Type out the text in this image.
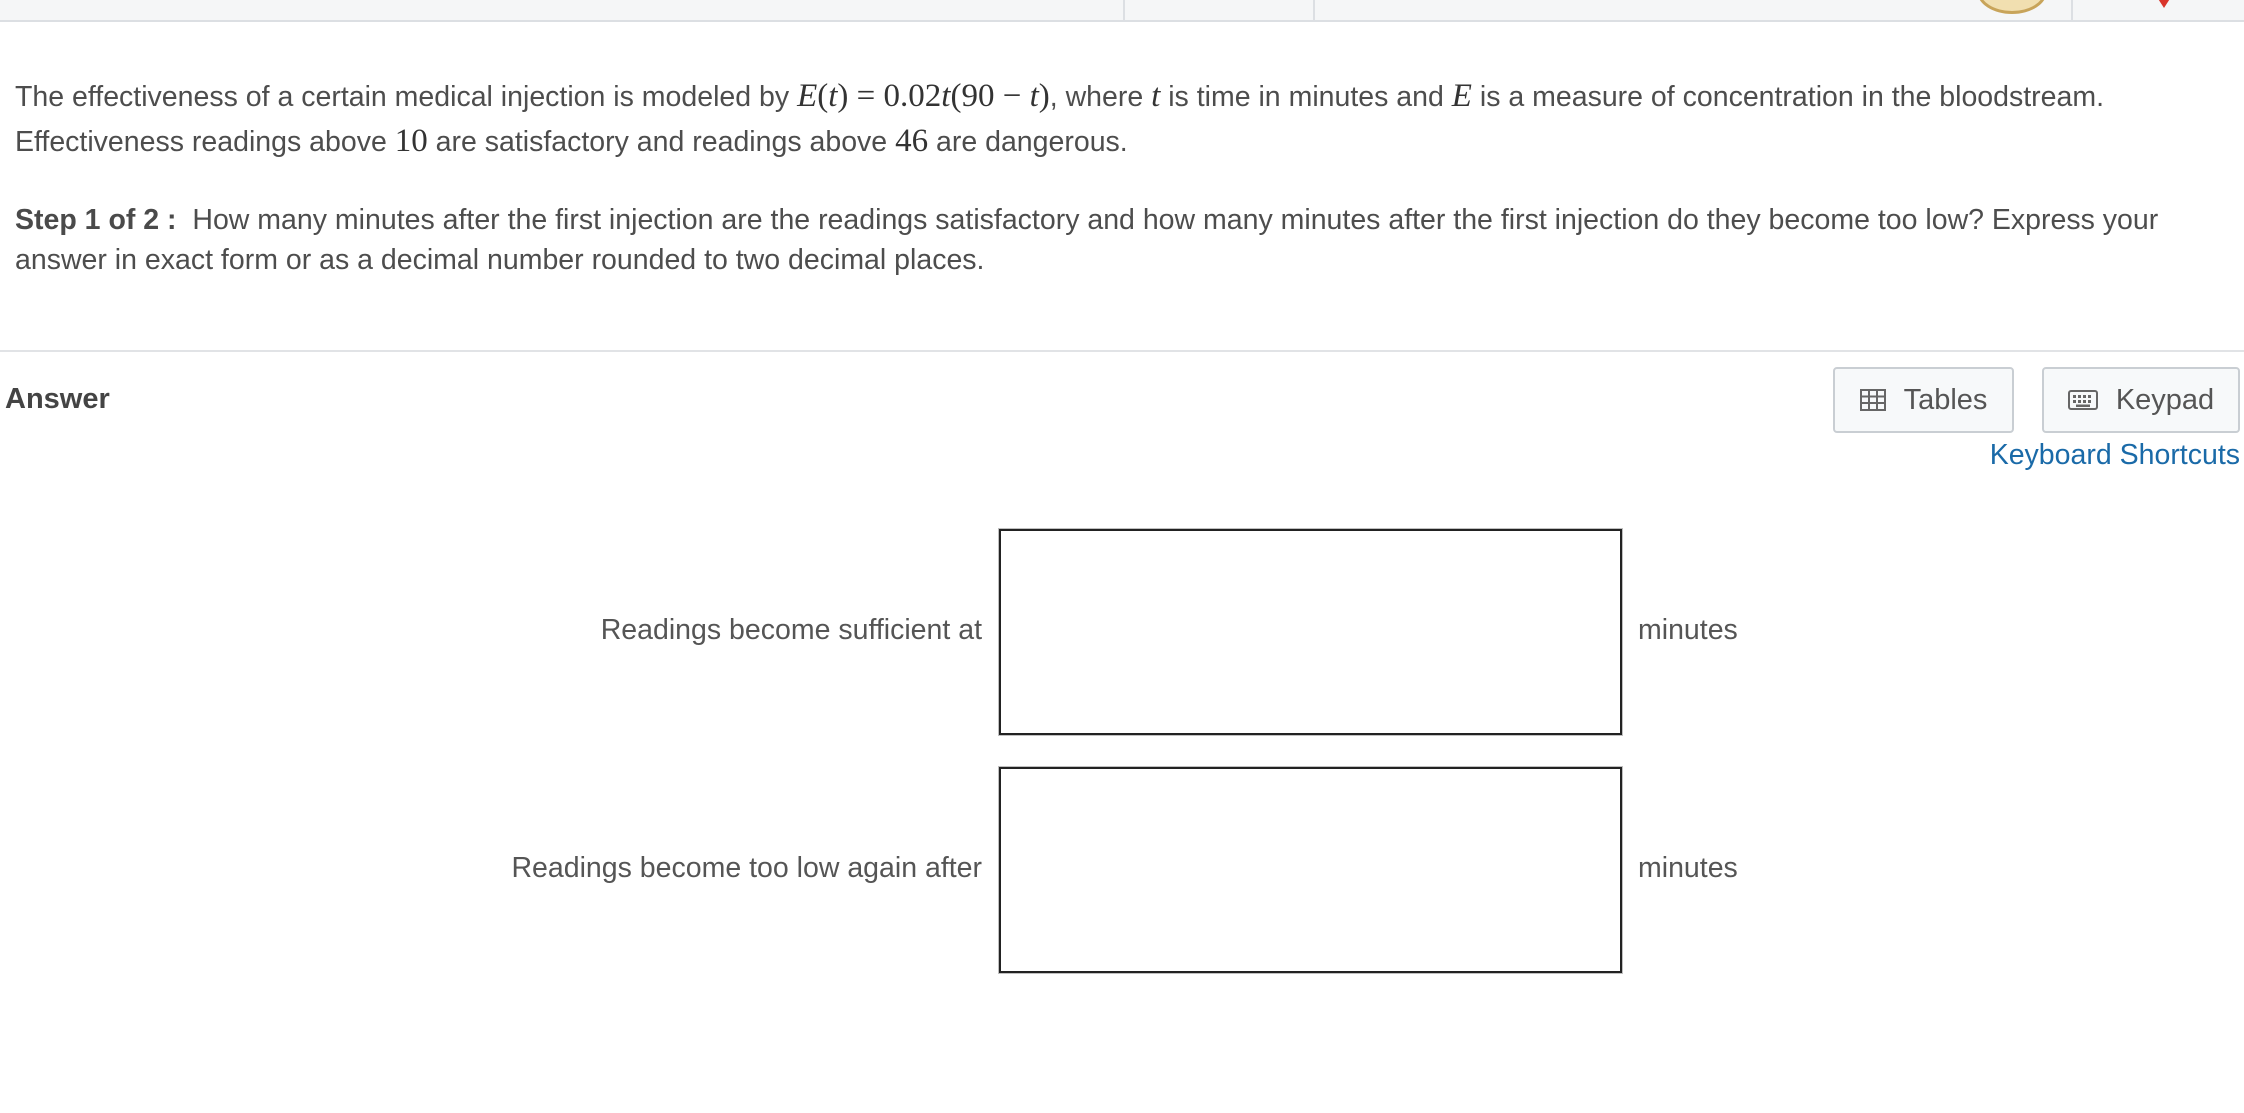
The effectiveness of a certain medical injection is modeled by E(t) = 0.02t(90 − t), where t is time in minutes and E is a measure of concentration in the bloodstream. Effectiveness readings above 10 are satisfactory and readings above 46 are dangerous.
Step 1 of 2 : How many minutes after the first injection are the readings satisfactory and how many minutes after the first injection do they become too low? Express your answer in exact form or as a decimal number rounded to two decimal places.
Answer	Tables	Keypad
Keyboard Shortcuts
Readings become sufficient at	minutes
Readings become too low again after	minutes
